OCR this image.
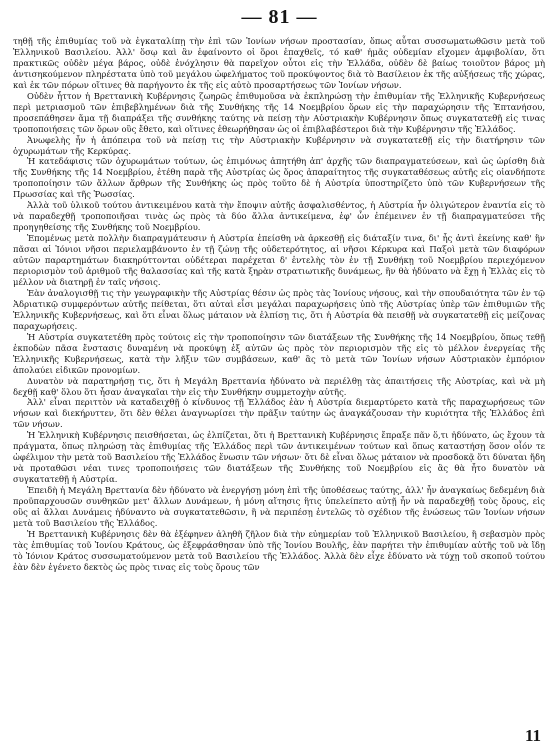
— 81 —

τηθῇ τῆς ἐπιθυμίας τοῦ νὰ ἐγκαταλίπῃ τὴν ἐπὶ τῶν Ἰονίων νήσων προστασίαν, ὅπως αὗται συσσωματωθῶσιν μετὰ τοῦ Ἑλληνικοῦ Βασιλείου. Ἀλλ' ὅσῳ καὶ ἂν ἐφαίνοντο οἱ ὅροι ἐπαχθεῖς, τό καθ' ἡμᾶς οὐδεμίαν εἴχομεν ἀμφιβολίαν, ὅτι πρακτικῶς οὐδὲν μέγα βάρος, οὐδὲ ἐνόχλησιν θὰ παρεῖχον οὗτοι εἰς τὴν Ἑλλάδα, οὐδὲν δὲ βαίως τοιοῦτον βάρος μὴ ἀντισηκούμενον πληρέστατα ὑπὸ τοῦ μεγάλου ὠφελήματος τοῦ προκύψοντος διὰ τὸ Βασίλειον ἐκ τῆς αὐξήσεως τῆς χώρας, καὶ ἐκ τῶν πόρων οἵτινες θὰ παρήγοντο ἐκ τῆς εἰς αὐτὸ προσαρτήσεως τῶν Ἰονίων νήσων.

Οὐδὲν ἧττον ἡ Βρεττανικὴ Κυβέρνησις ζωηρῶς ἐπιθυμοῦσα νὰ ἐκπληρώσῃ τὴν ἐπιθυμίαν τῆς Ἑλληνικῆς Κυβερνήσεως περὶ μετριασμοῦ τῶν ἐπιβεβλημένων διὰ τῆς Συνθήκης τῆς 14 Νοεμβρίου ὅρων εἰς τὴν παραχώρησιν τῆς Ἑπτανήσου, προσεπάθησεν ἅμα τῇ διαπράξει τῆς συνθήκης ταύτης νὰ πείσῃ τὴν Αὐστριακὴν Κυβέρνησιν ὅπως συγκατατεθῇ εἰς τινας τροποποιήσεις τῶν ὅρων οὓς ἔθετο, καὶ οἵτινες ἐθεωρήθησαν ὡς οἱ ἐπιβλαβέστεροι διὰ τὴν Κυβέρνησιν τῆς Ἑλλάδος.

Ἀνωφελὴς ἦν ἡ ἀπόπειρα τοῦ νὰ πείσῃ τις τὴν Αὐστριακὴν Κυβέρνησιν νὰ συγκατατεθῇ εἰς τὴν διατήρησιν τῶν ὀχυρωμάτων τῆς Κερκύρας.

Ἡ κατεδάφισις τῶν ὀχυρωμάτων τούτων, ὡς ἐπιμόνως ἀπητήθη ἀπ' ἀρχῆς τῶν διαπραγματεύσεων, καὶ ὡς ὡρίσθη διὰ τῆς Συνθήκης τῆς 14 Νοεμβρίου, ἐτέθη παρὰ τῆς Αὐστρίας ὡς ὅρος ἀπαραίτητος τῆς συγκαταθέσεως αὐτῆς εἰς οἱανδήποτε τροποποίησιν τῶν ἄλλων ἄρθρων τῆς Συνθήκης ὡς πρὸς τοῦτο δὲ ἡ Αὐστρία ὑποστηρίζετο ὑπὸ τῶν Κυβερνήσεων τῆς Πρωσσίας καὶ τῆς Ῥωσσίας.

Ἀλλὰ τοῦ ὑλικοῦ τούτου ἀντικειμένου κατὰ τὴν ἔποψιν αὐτῆς ἀσφαλισθέντος, ἡ Αὐστρία ἦν ὀλιγώτερον ἐναντία εἰς τὸ νὰ παραδεχθῇ τροποποιῆσαι τινὰς ὡς πρὸς τὰ δύο ἄλλα ἀντικείμενα, ἐφ' ὧν ἐπέμεινεν ἐν τῇ διαπραγματεύσει τῆς προηγηθείσης τῆς Συνθήκης τοῦ Νοεμβρίου.

Ἐπομένως μετὰ πολλὴν διαπραγμάτευσιν ἡ Αὐστρία ἐπείσθη νὰ ἀρκεσθῇ εἰς διάταξίν τινα, δι' ἧς ἀντὶ ἐκείνης καθ' ἣν πᾶσαι αἱ Ἰόνιοι νῆσοι περιελαμβάνοντο ἐν τῇ ζώνῃ τῆς οὐδετερότητος, αἱ νῆσοι Κέρκυρα καὶ Παξοὶ μετὰ τῶν διαφόρων αὐτῶν παραρτημάτων διακηρύττονται οὐδέτεραι παρέχεται δ' ἐντελὴς τὸν ἐν τῇ Συνθήκῃ τοῦ Νοεμβρίου περιεχόμενον περιορισμὸν τοῦ ἀριθμοῦ τῆς θαλασσίας καὶ τῆς κατὰ ξηρὰν στρατιωτικῆς δυνάμεως, ἣν θὰ ἠδύνατο νὰ ἔχῃ ἡ Ἑλλὰς εἰς τὸ μέλλον νὰ διατηρῇ ἐν ταῖς νήσοις.

Ἐὰν ἀναλογισθῇ τις τὴν γεωγραφικὴν τῆς Αὐστρίας θέσιν ὡς πρὸς τὰς Ἰονίους νήσους, καὶ τὴν σπουδαιότητα τῶν ἐν τῷ Ἀδριατικῷ συμφερόντων αὐτῆς πείθεται, ὅτι αὐταὶ εἶσι μεγάλαι παραχωρήσεις ὑπὸ τῆς Αὐστρίας ὑπὲρ τῶν ἐπιθυμιῶν τῆς Ἑλληνικῆς Κυβερνήσεως, καὶ ὅτι εἶναι ὅλως μάταιον νὰ ἐλπίσῃ τις, ὅτι ἡ Αὐστρία θὰ πεισθῇ νὰ συγκατατεθῇ εἰς μείζονας παραχωρήσεις.

Ἡ Αὐστρία συγκατετέθη πρὸς τούτοις εἰς τὴν τροποποίησιν τῶν διατάξεων τῆς Συνθήκης τῆς 14 Νοεμβρίου, ὅπως τεθῇ ἐκποδὼν πᾶσα ἔνστασις δυναμένη νὰ προκύψῃ ἐξ αὐτῶν ὡς πρὸς τὸν περιορισμὸν τῆς εἰς τὸ μέλλον ἐνεργείας τῆς Ἑλληνικῆς Κυβερνήσεως, κατὰ τὴν λῆξιν τῶν συμβάσεων, καθ' ἃς τὸ μετὰ τῶν Ἰονίων νήσων Αὐστριακὸν ἐμπόριον ἀπολαύει εἰδικῶν προνομίων.

Δυνατὸν νὰ παρατηρήσῃ τις, ὅτι ἡ Μεγάλη Βρεττανία ἠδύνατο νὰ περιέλθῃ τὰς ἀπαιτήσεις τῆς Αὐστρίας, καὶ νὰ μὴ δεχθῇ καθ' ὅλου ὅτι ἦσαν ἀναγκαῖαι τὴν εἰς τὴν Συνθήκην συμμετοχὴν αὐτῆς.

Ἀλλ' εἶναι περιττὸν νὰ καταδειχθῇ ὁ κίνδυνος τῇ Ἑλλάδος ἐὰν ἡ Αὐστρία διεμαρτύρετο κατὰ τῆς παραχωρήσεως τῶν νήσων καὶ διεκήρυττεν, ὅτι δὲν θέλει ἀναγνωρίσει τὴν πρᾶξιν ταύτην ὡς ἀναγκάζουσαν τὴν κυριότητα τῆς Ἑλλάδος ἐπὶ τῶν νήσων.

Ἡ Ἑλληνικὴ Κυβέρνησις πεισθήσεται, ὡς ἐλπίζεται, ὅτι ἡ Βρεττανικὴ Κυβέρνησις ἔπραξε πᾶν ὅ,τι ἠδύνατο, ὡς ἔχουν τὰ πράγματα, ὅπως πληρώσῃ τὰς ἐπιθυμίας τῆς Ἑλλάδος περὶ τῶν ἀντικειμένων τούτων καὶ ὅπως καταστήσῃ ὅσον οἷόν τε ὠφέλιμον τὴν μετὰ τοῦ Βασιλείου τῆς Ἑλλάδος ἕνωσιν τῶν νήσων· ὅτι δὲ εἶναι ὅλως μάταιον νὰ προσδοκᾷ ὅτι δύναται ἤδη νὰ προταθῶσι νέαι τινες τροποποιήσεις τῶν διατάξεων τῆς Συνθήκης τοῦ Νοεμβρίου εἰς ἃς θὰ ἦτο δυνατὸν νὰ συγκατατεθῇ ἡ Αὐστρία.

Ἐπειδὴ ἡ Μεγάλη Βρεττανία δὲν ἠδύνατο νὰ ἐνεργήσῃ μόνη ἐπὶ τῆς ὑποθέσεως ταύτης, ἀλλ' ἦν ἀναγκαίως δεδεμένη διὰ προϋπαρχουσῶν συνθηκῶν μετ' ἄλλων Δυνάμεων, ἡ μόνη αἴτησις ἣτις ὑπελείπετο αὐτῇ ἦν νὰ παραδεχθῇ τοὺς ὅρους, εἰς οὓς αἱ ἄλλαι Δυνάμεις ἠδύναντο νὰ συγκατατεθῶσιν, ἢ νὰ περιπέσῃ ἐντελῶς τὸ σχέδιον τῆς ἑνώσεως τῶν Ἰονίων νήσων μετὰ τοῦ Βασιλείου τῆς Ἑλλάδος.

Ἡ Βρεττανικὴ Κυβέρνησις δὲν θὰ ἐξέφηνεν ἀληθῆ ζῆλον διὰ τὴν εὐημερίαν τοῦ Ἑλληνικοῦ Βασιλείου, ἢ σεβασμὸν πρὸς τὰς ἐπιθυμίας τοῦ Ἰονίου Κράτους, ὡς ἐξεφράσθησαν ὑπὸ τῆς Ἰονίου Βουλῆς, ἐὰν παρήτει τὴν ἐπιθυμίαν αὐτῆς τοῦ νὰ ἴδῃ τὸ Ἰόνιον Κράτος συσσωματούμενον μετὰ τοῦ Βασιλείου τῆς Ἑλλάδος. Ἀλλὰ δὲν εἶχε ἐδύνατο νὰ τύχῃ τοῦ σκοποῦ τούτου ἐὰν δὲν ἐγένετο δεκτὸς ὡς πρὸς τινας εἰς τοὺς ὅρους τῶν

11
